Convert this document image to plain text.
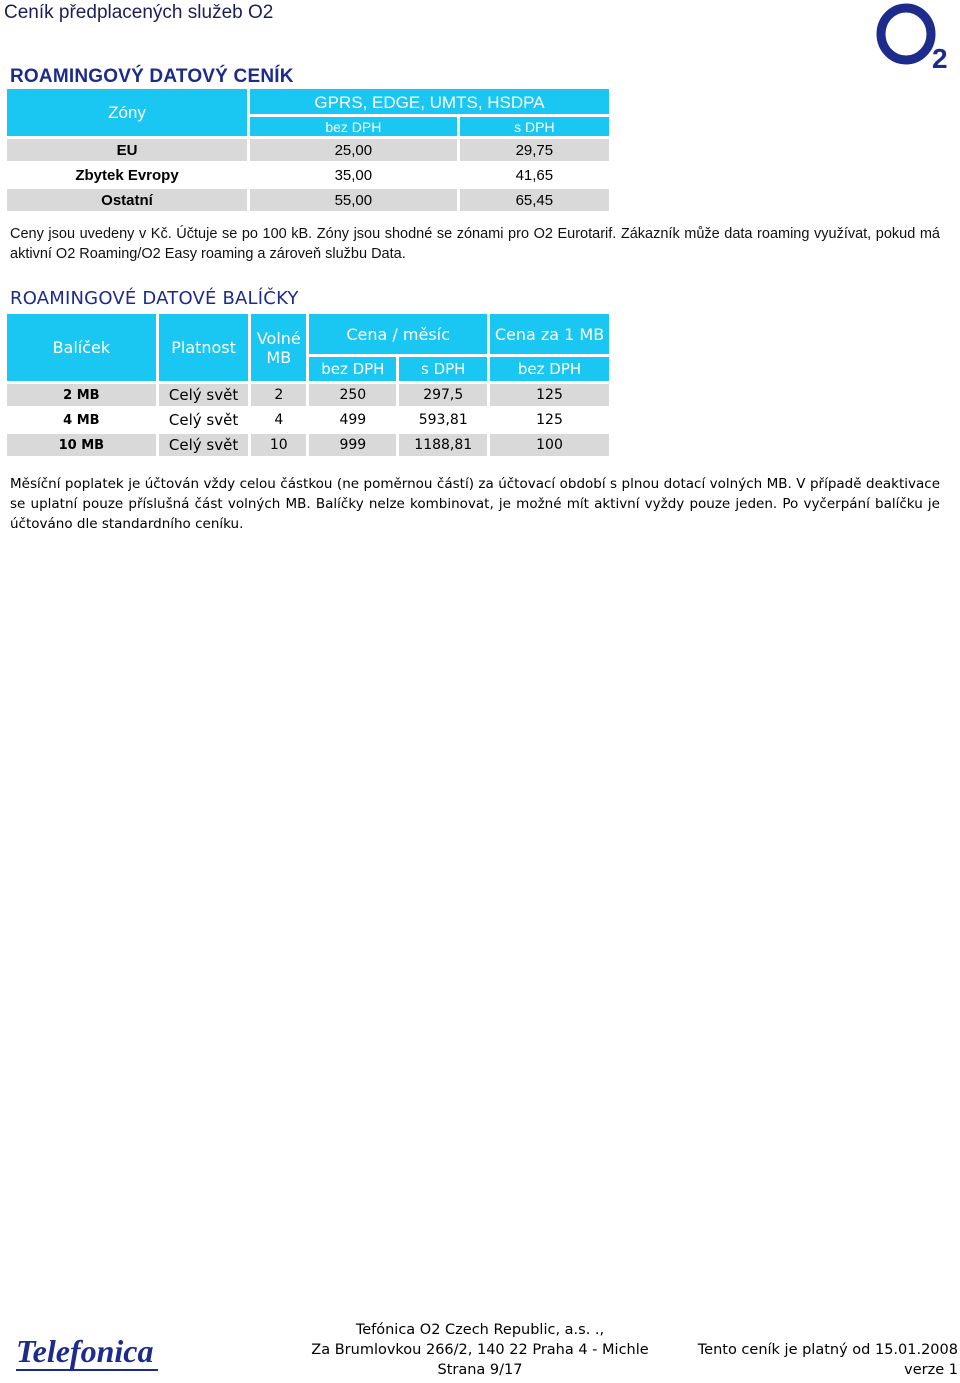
Ceník předplacených služeb O2
2
ROAMINGOVÝ DATOVÝ CENÍK
Zóny	GPRS, EDGE, UMTS, HSDPA	
	bez DPH	s DPH
EU	25,00	29,75
Zbytek Evropy	35,00	41,65
Ostatní	55,00	65,45
Ceny jsou uvedeny v Kč. Účtuje se po 100 kB. Zóny jsou shodné se zónami pro O2 Eurotarif. Zákazník může data roaming využívat, pokud má aktivní O2 Roaming/O2 Easy roaming a zároveň službu Data.
ROAMINGOVÉ DATOVÉ BALÍČKY
Balíček	Platnost	Volné MB	Cena / měsíc		Cena za 1 MB
			bez DPH	s DPH	bez DPH
2 MB	Celý svět	2	250	297,5	125
4 MB	Celý svět	4	499	593,81	125
10 MB	Celý svět	10	999	1188,81	100
Měsíční poplatek je účtován vždy celou částkou (ne poměrnou částí) za účtovací období s plnou dotací volných MB. V případě deaktivace se uplatní pouze příslušná část volných MB. Balíčky nelze kombinovat, je možné mít aktivní vyždy pouze jeden. Po vyčerpání balíčku je účtováno dle standardního ceníku.
Telefonica
Tefónica O2 Czech Republic, a.s. .,
Za Brumlovkou 266/2, 140 22 Praha 4 - Michle
Strana 9/17
Tento ceník je platný od 15.01.2008
verze 1
